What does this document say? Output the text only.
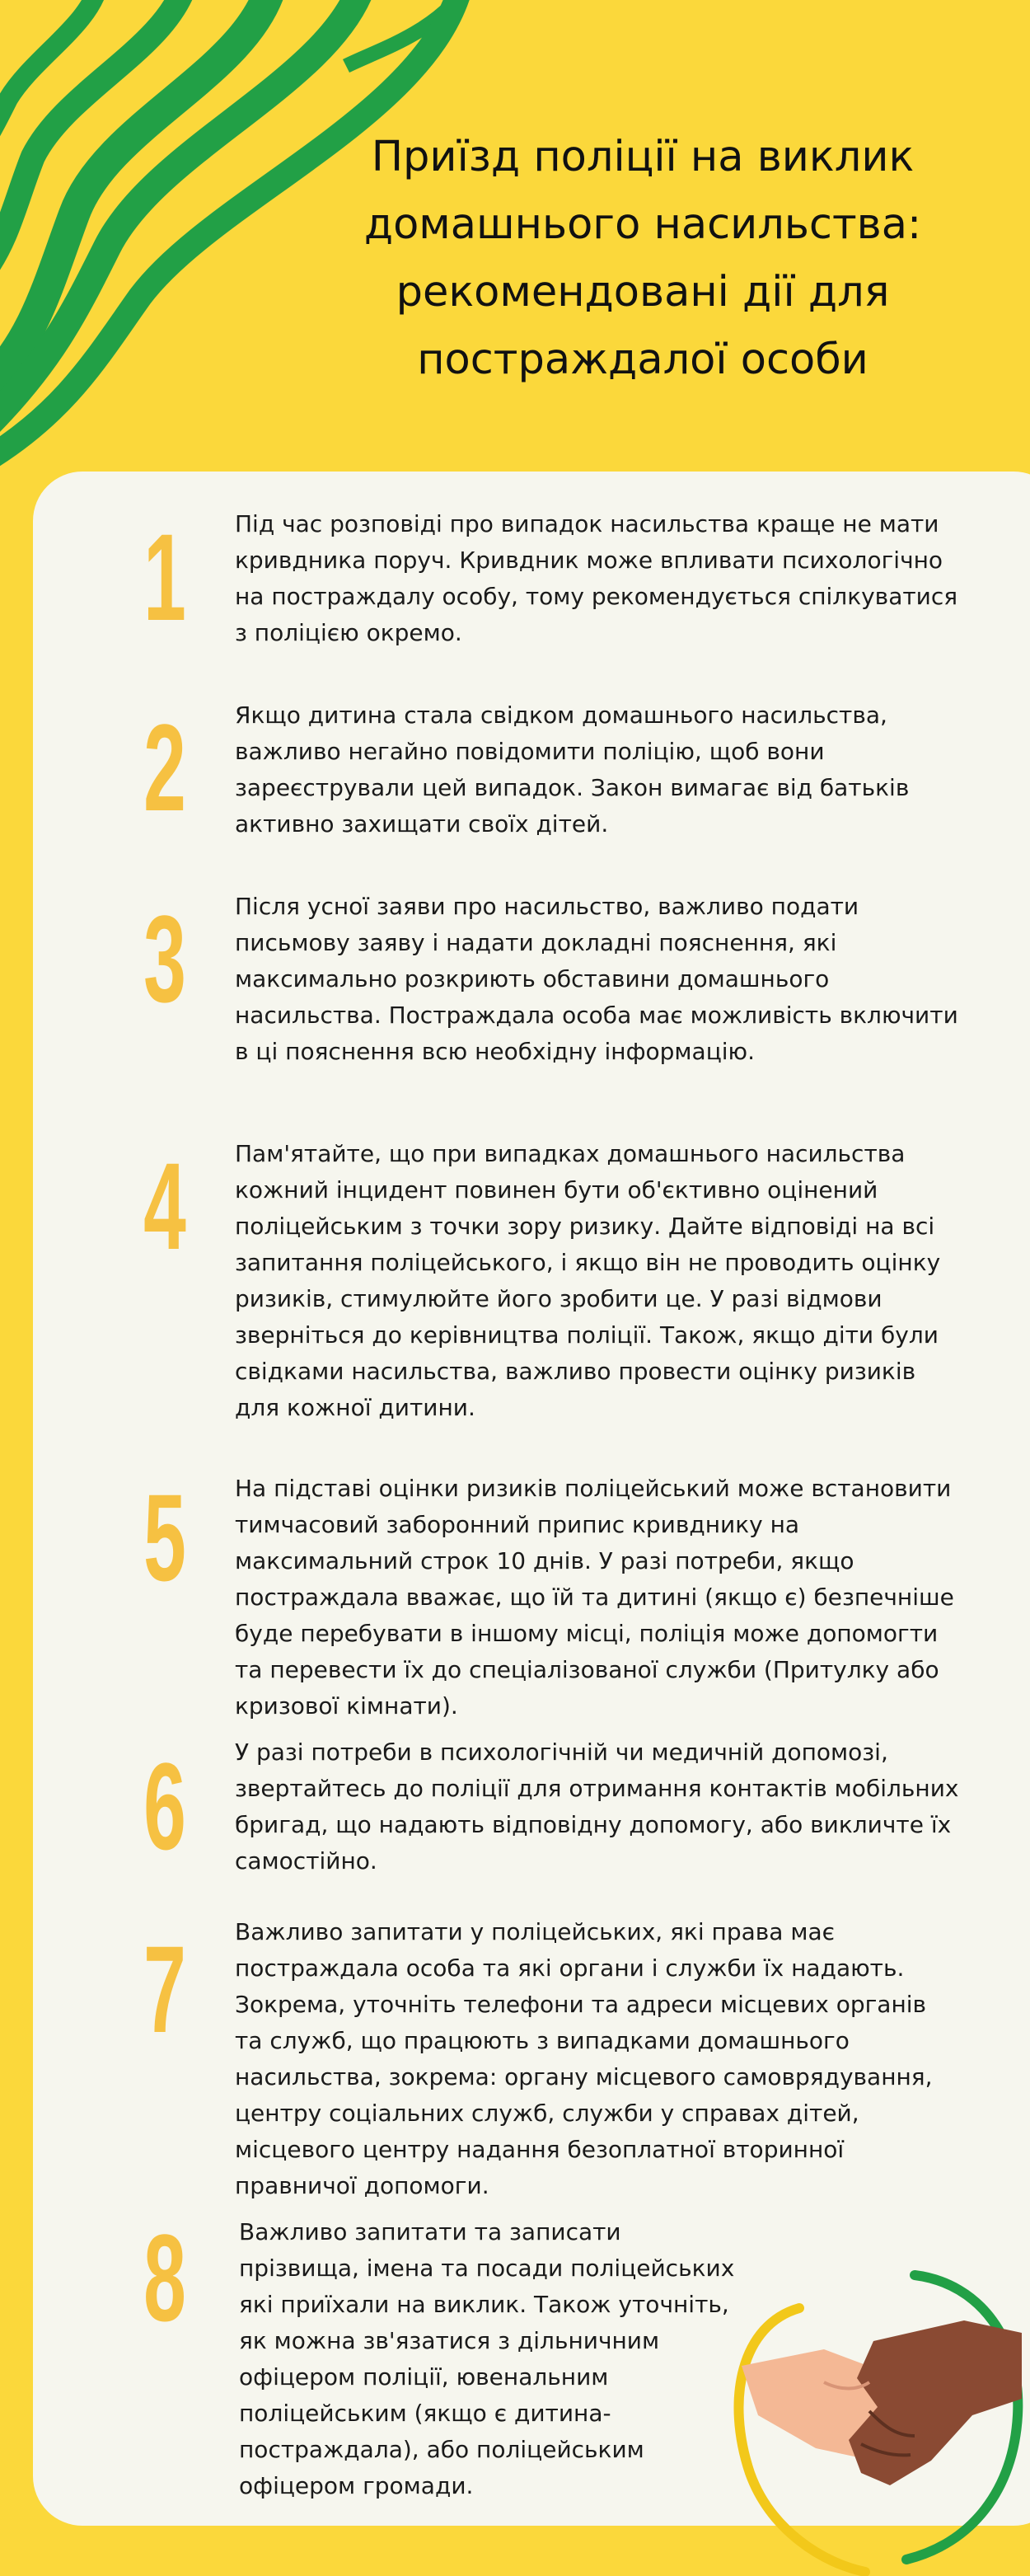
Приїзд поліції на виклик
домашнього насильства:
рекомендовані дії для
постраждалої особи
1 Під час розповіді про випадок насильства краще не мати кривдника поруч. Кривдник може впливати психологічно на постраждалу особу, тому рекомендується спілкуватися з поліцією окремо.
2 Якщо дитина стала свідком домашнього насильства, важливо негайно повідомити поліцію, щоб вони зареєстрували цей випадок. Закон вимагає від батьків активно захищати своїх дітей.
3 Після усної заяви про насильство, важливо подати письмову заяву і надати докладні пояснення, які максимально розкриють обставини домашнього насильства. Постраждала особа має можливість включити в ці пояснення всю необхідну інформацію.
4 Пам'ятайте, що при випадках домашнього насильства кожний інцидент повинен бути об'єктивно оцінений поліцейським з точки зору ризику. Дайте відповіді на всі запитання поліцейського, і якщо він не проводить оцінку ризиків, стимулюйте його зробити це. У разі відмови зверніться до керівництва поліції. Також, якщо діти були свідками насильства, важливо провести оцінку ризиків для кожної дитини.
5 На підставі оцінки ризиків поліцейський може встановити тимчасовий заборонний припис кривднику на максимальний строк 10 днів. У разі потреби, якщо постраждала вважає, що їй та дитині (якщо є) безпечніше буде перебувати в іншому місці, поліція може допомогти та перевести їх до спеціалізованої служби (Притулку або кризової кімнати).
6 У разі потреби в психологічній чи медичній допомозі, звертайтесь до поліції для отримання контактів мобільних бригад, що надають відповідну допомогу, або викличте їх самостійно.
7 Важливо запитати у поліцейських, які права має постраждала особа та які органи і служби їх надають. Зокрема, уточніть телефони та адреси місцевих органів та служб, що працюють з випадками домашнього насильства, зокрема: органу місцевого самоврядування, центру соціальних служб, служби у справах дітей, місцевого центру надання безоплатної вторинної правничої допомоги.
8 Важливо запитати та записати прізвища, імена та посади поліцейських які приїхали на виклик. Також уточніть, як можна зв'язатися з дільничним офіцером поліції, ювенальним поліцейським (якщо є дитина-постраждала), або поліцейським офіцером громади.
